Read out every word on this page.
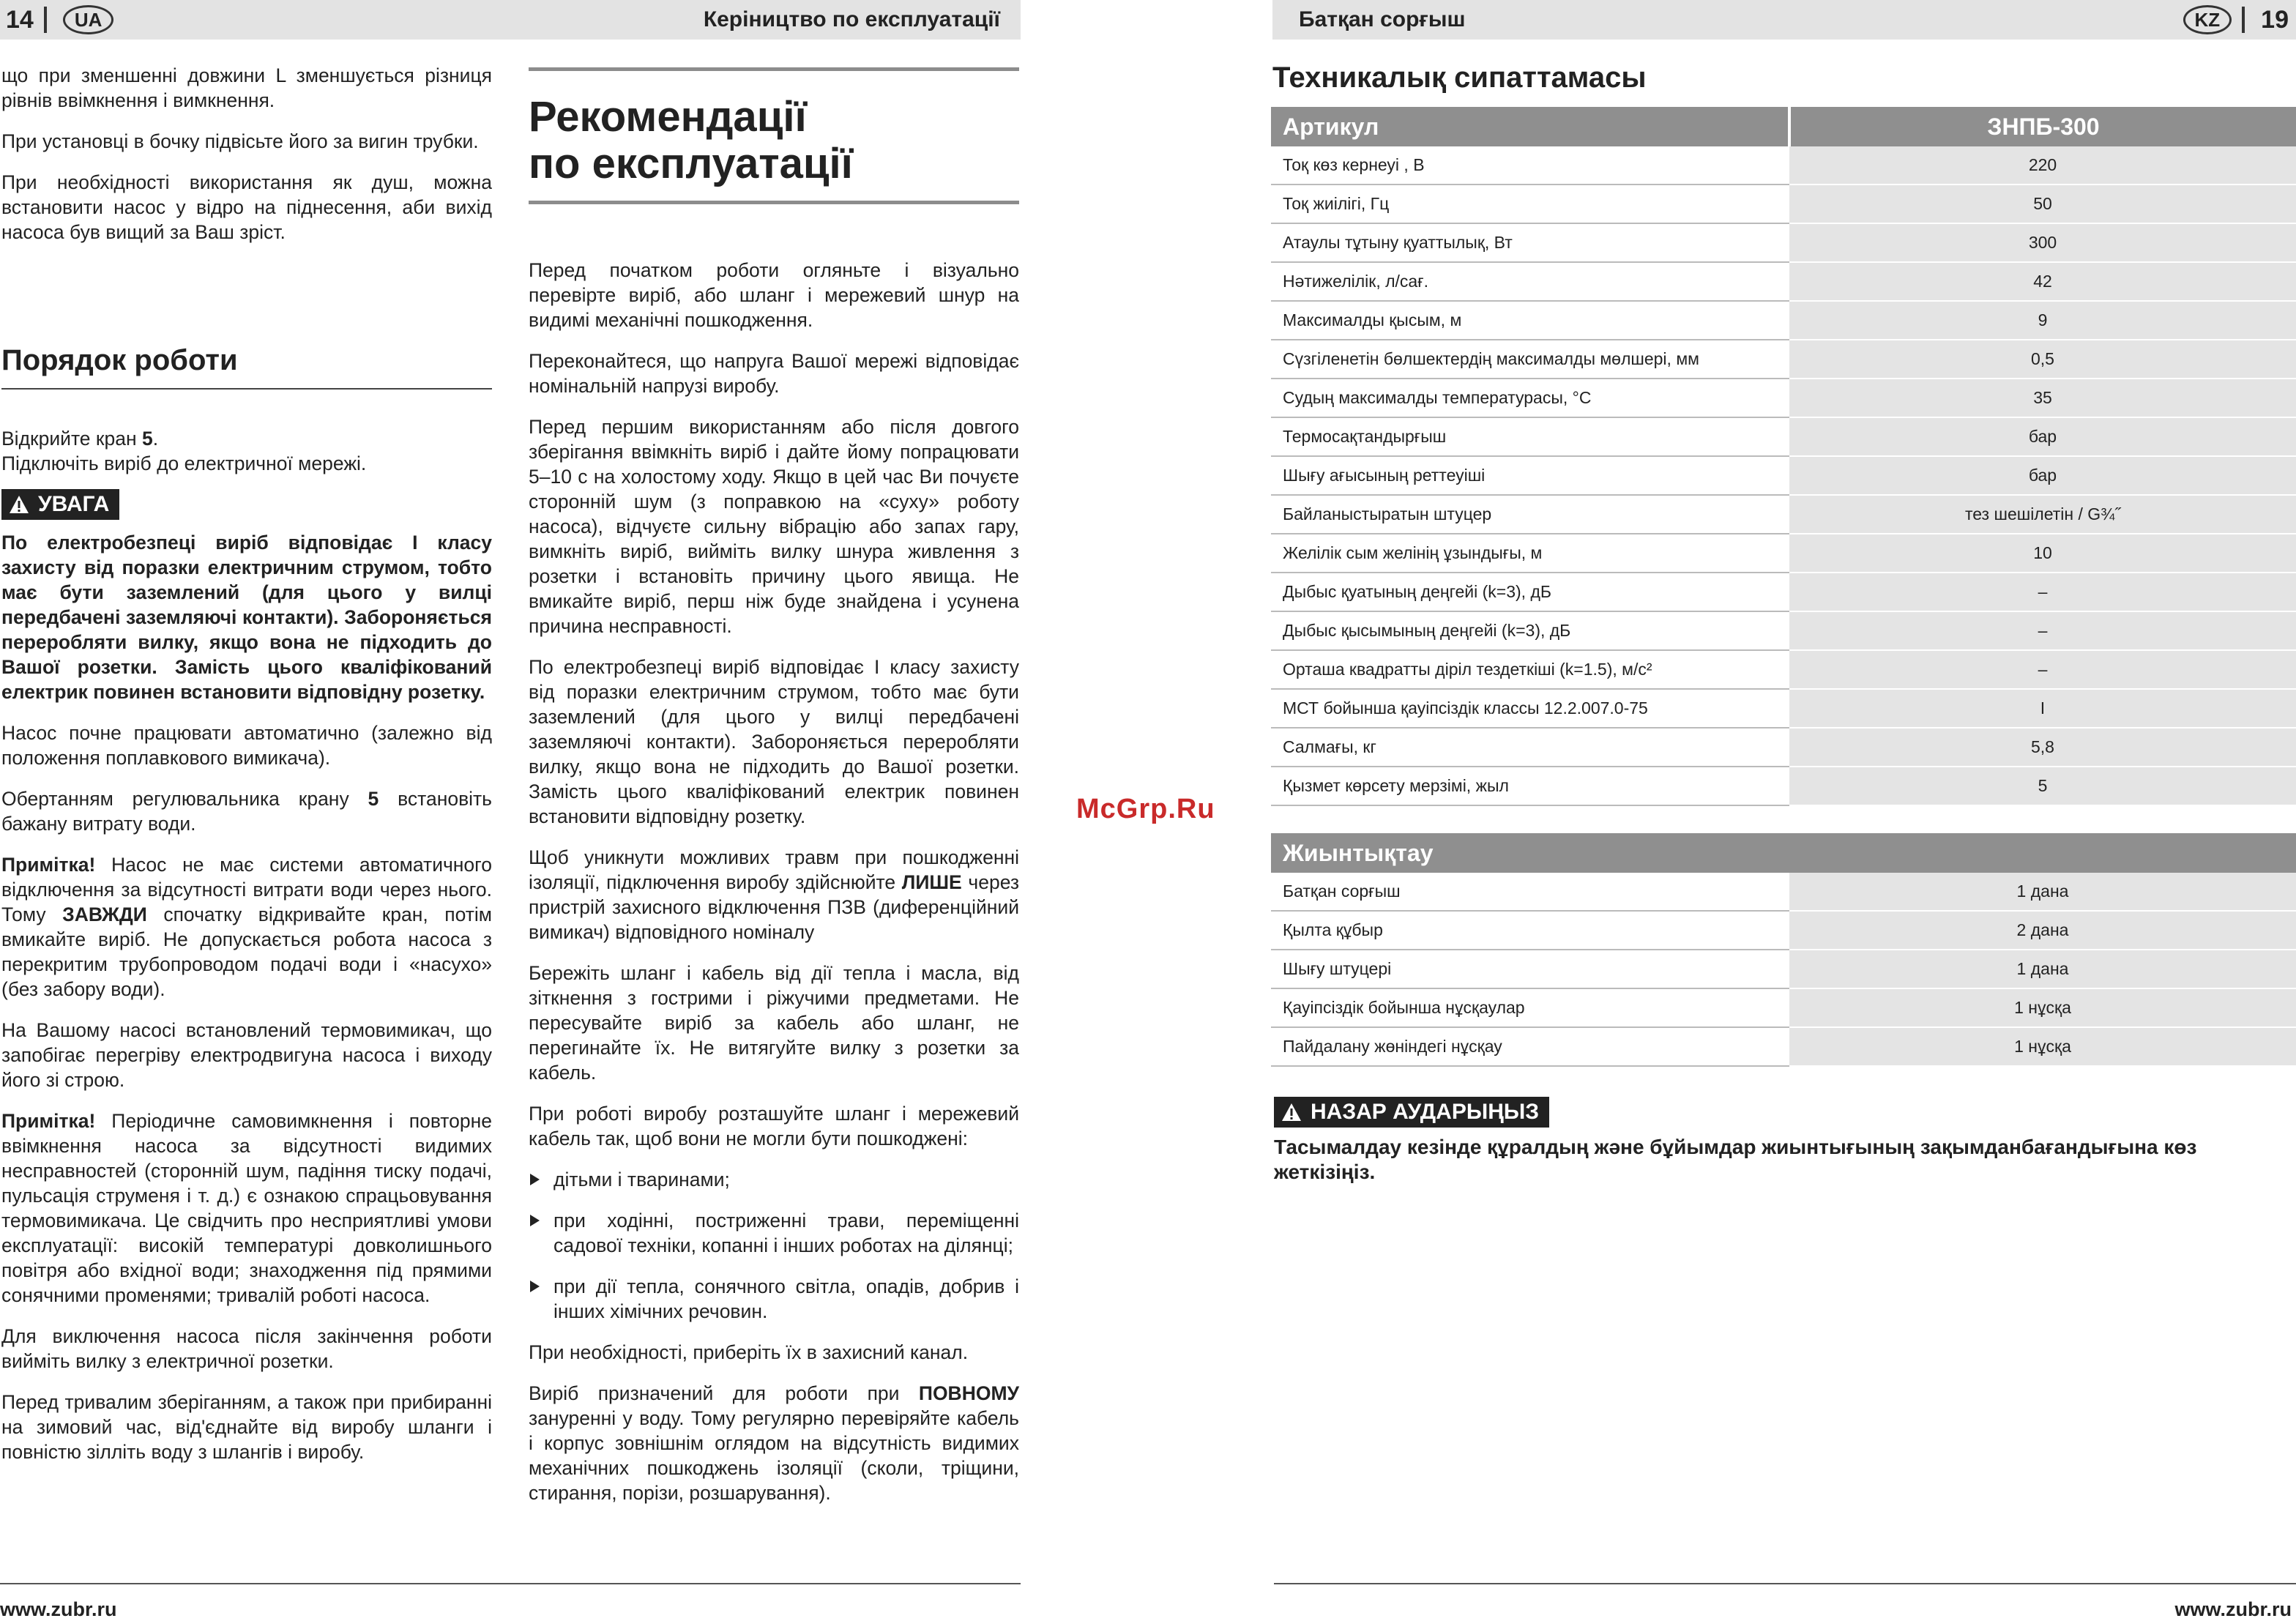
14	UA	Керіництво по експлуатації

що при зменшенні довжини L зменшується різниця рівнів ввімкнення і вимкнення.

При установці в бочку підвісьте його за вигин трубки.

При необхідності використання як душ, можна встановити насос у відро на піднесення, аби вихід насоса був вищий за Ваш зріст.

Порядок роботи

Відкрийте кран 5.
Підключіть виріб до електричної мережі.

УВАГА

По електробезпеці виріб відповідає І класу захисту від поразки електричним струмом, тобто має бути заземлений (для цього у вилці передбачені заземляючі контакти). Забороняється переробляти вилку, якщо вона не підходить до Вашої розетки. Замість цього кваліфікований електрик повинен встановити відповідну розетку.

Насос почне працювати автоматично (залежно від положення поплавкового вимикача).

Обертанням регулювальника крану 5 встановіть бажану витрату води.

Примітка! Насос не має системи автоматичного відключення за відсутності витрати води через нього. Тому ЗАВЖДИ спочатку відкривайте кран, потім вмикайте виріб. Не допускається робота насоса з перекритим трубопроводом подачі води і «насухо» (без забору води).

На Вашому насосі встановлений термовимикач, що запобігає перегріву електродвигуна насоса і виходу його зі строю.

Примітка! Періодичне самовимкнення і повторне ввімкнення насоса за відсутності видимих несправностей (сторонній шум, падіння тиску подачі, пульсація струменя і т. д.) є ознакою спрацьовування термовимикача. Це свідчить про несприятливі умови експлуатації: високій температурі довколишнього повітря або вхідної води; знаходження під прямими сонячними променями; тривалій роботі насоса.

Для виключення насоса після закінчення роботи вийміть вилку з електричної розетки.

Перед тривалим зберіганням, а також при прибиранні на зимовий час, від'єднайте від виробу шланги і повністю зілліть воду з шлангів і виробу.

Рекомендації
по експлуатації

Перед початком роботи огляньте і візуально перевірте виріб, або шланг і мережевий шнур на видимі механічні пошкодження.

Переконайтеся, що напруга Вашої мережі відповідає номінальній напрузі виробу.

Перед першим використанням або після довгого зберігання ввімкніть виріб і дайте йому попрацювати 5–10 с на холостому ходу. Якщо в цей час Ви почуєте сторонній шум (з поправкою на «суху» роботу насоса), відчуєте сильну вібрацію або запах гару, вимкніть виріб, вийміть вилку шнура живлення з розетки і встановіть причину цього явища. Не вмикайте виріб, перш ніж буде знайдена і усунена причина несправності.

По електробезпеці виріб відповідає І класу захисту від поразки електричним струмом, тобто має бути заземлений (для цього у вилці передбачені заземляючі контакти). Забороняється переробляти вилку, якщо вона не підходить до Вашої розетки. Замість цього кваліфікований електрик повинен встановити відповідну розетку.

Щоб уникнути можливих травм при пошкодженні ізоляції, підключення виробу здійснюйте ЛИШЕ через пристрій захисного відключення ПЗВ (диференційний вимикач) відповідного номіналу

Бережіть шланг і кабель від дії тепла і масла, від зіткнення з гострими і ріжучими предметами. Не пересувайте виріб за кабель або шланг, не перегинайте їх. Не витягуйте вилку з розетки за кабель.

При роботі виробу розташуйте шланг і мережевий кабель так, щоб вони не могли бути пошкоджені:

дітьми і тваринами;
при ходінні, постриженні трави, переміщенні садової техніки, копанні і інших роботах на ділянці;
при дії тепла, сонячного світла, опадів, добрив і інших хімічних речовин.

При необхідності, приберіть їх в захисний канал.

Виріб призначений для роботи при ПОВНОМУ зануренні у воду. Тому регулярно перевіряйте кабель і корпус зовнішнім оглядом на відсутність видимих механічних пошкоджень ізоляції (сколи, тріщини, стирання, порізи, розшарування).

www.zubr.ru
McGrp.Ru
Батқан сорғыш	KZ	19
Техникалық сипаттамасы
Артикул	ЗНПБ-300
Тоқ көз кернеуі , В	220
Тоқ жиілігі, Гц	50
Атаулы тұтыну қуаттылық, Вт	300
Нәтижелілік, л/сағ.	42
Максималды қысым, м	9
Сүзгіленетін бөлшектердің максималды мөлшері, мм	0,5
Судың максималды температурасы, °С	35
Термосақтандырғыш	бар
Шығу ағысының реттеуіші	бар
Байланыстыратын штуцер	тез шешілетін / G¾˝
Желілік сым желінің ұзындығы, м	10
Дыбыс қуатының деңгейі (k=3), дБ	–
Дыбыс қысымының деңгейі (k=3), дБ	–
Орташа квадратты діріл тездеткіші (k=1.5), м/с²	–
МСТ бойынша қауіпсіздік классы 12.2.007.0-75	I
Салмағы, кг	5,8
Қызмет көрсету мерзімі, жыл	5
Жиынтықтау	
Батқан сорғыш	1 дана
Қылта құбыр	2 дана
Шығу штуцері	1 дана
Қауіпсіздік бойынша нұсқаулар	1 нұсқа
Пайдалану жөніндегі нұсқау	1 нұсқа
НАЗАР АУДАРЫҢЫЗ
Тасымалдау кезінде құралдың және бұйымдар жиынтығының зақымданбағандығына көз жеткізіңіз.
www.zubr.ru
